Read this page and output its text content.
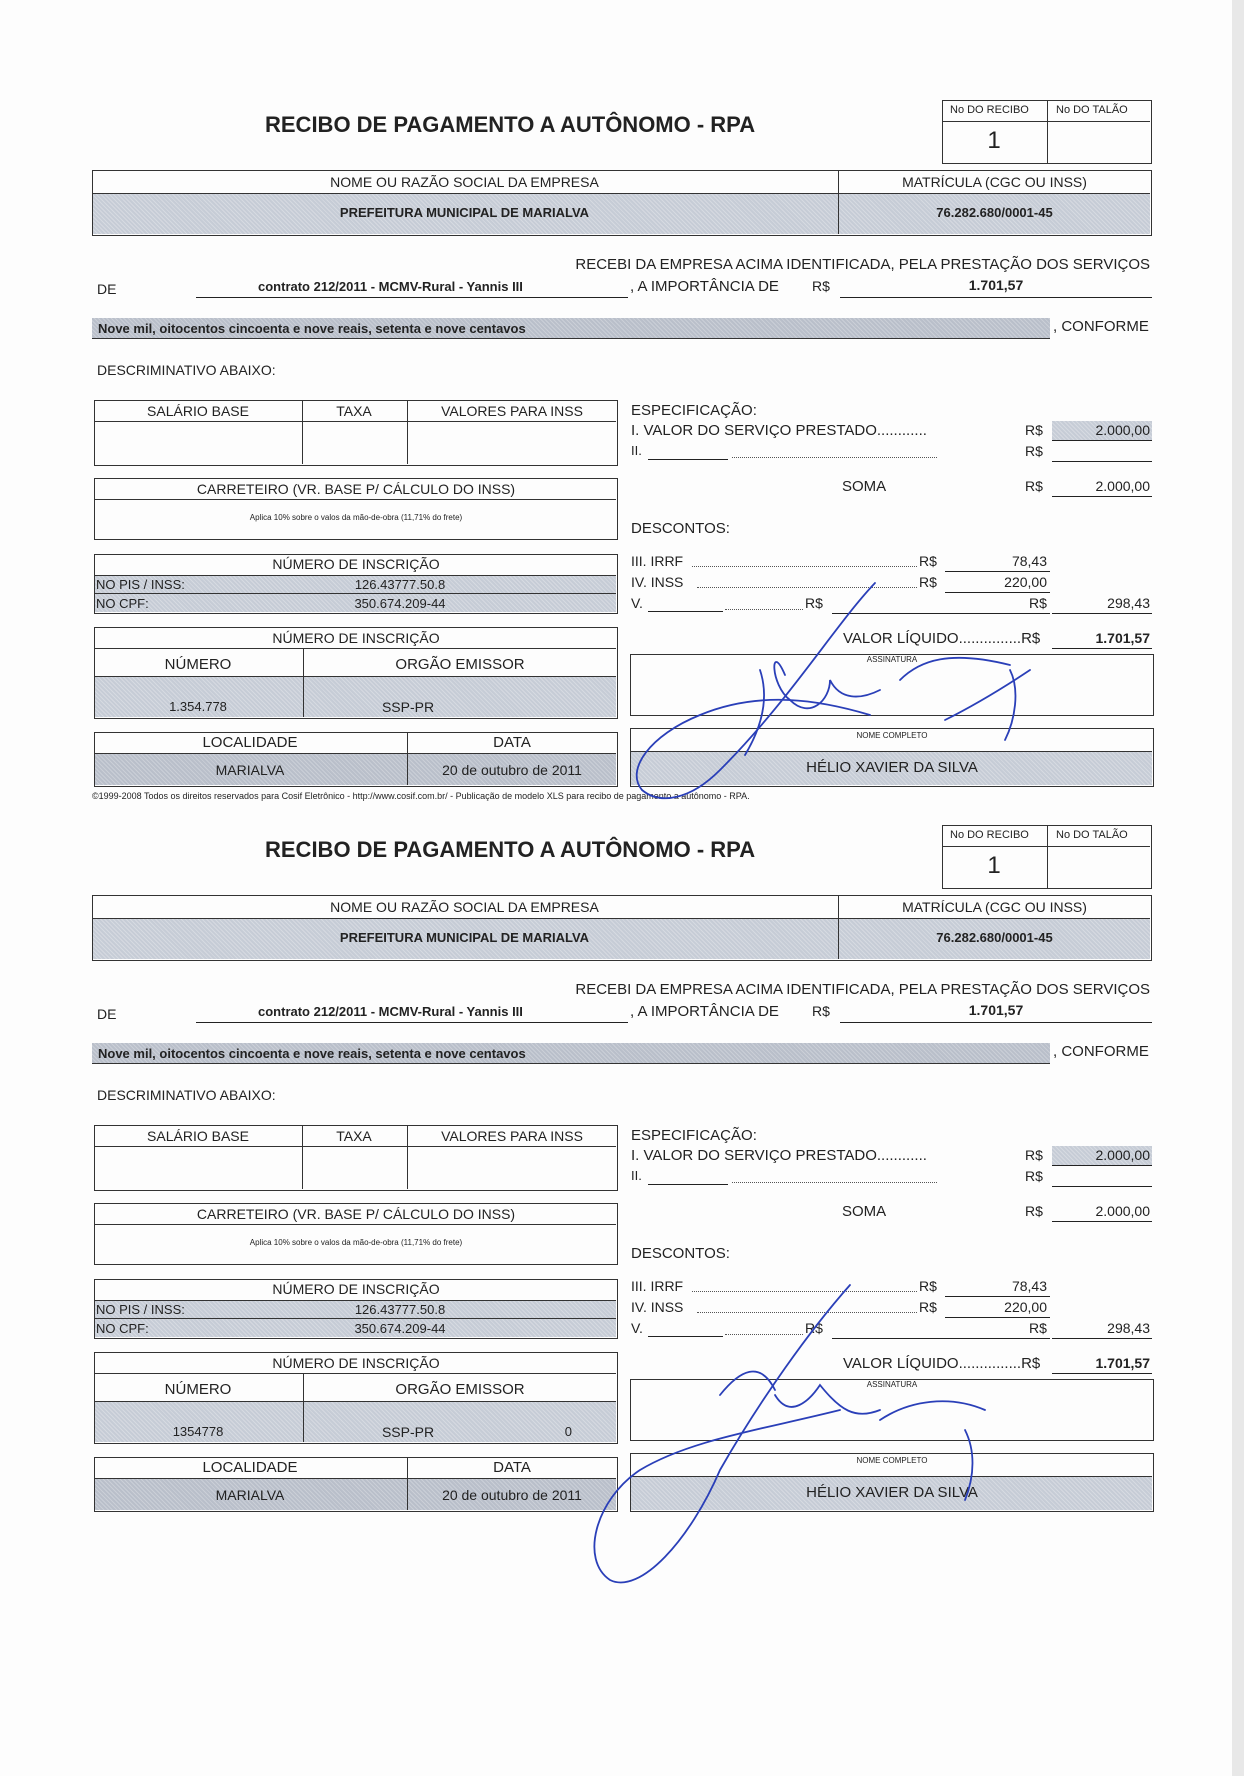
RECIBO DE PAGAMENTO A AUTÔNOMO - RPA
No DO RECIBO No DO TALÃO
1
NOME OU RAZÃO SOCIAL DA EMPRESA	MATRÍCULA (CGC OU INSS)
PREFEITURA MUNICIPAL DE MARIALVA	76.282.680/0001-45
RECEBI DA EMPRESA ACIMA IDENTIFICADA, PELA PRESTAÇÃO DOS SERVIÇOS
DE	contrato 212/2011 - MCMV-Rural - Yannis III	, A IMPORTÂNCIA DE R$	1.701,57
Nove mil, oitocentos cincoenta e nove reais, setenta e nove centavos	, CONFORME
DESCRIMINATIVO ABAIXO:
SALÁRIO BASE	TAXA	VALORES PARA INSS
CARRETEIRO (VR. BASE P/ CÁLCULO DO INSS)
Aplica 10% sobre o valos da mão-de-obra (11,71% do frete)
NÚMERO DE INSCRIÇÃO
NO PIS / INSS:	126.43777.50.8
NO CPF:	350.674.209-44
NÚMERO DE INSCRIÇÃO
NÚMERO	ORGÃO EMISSOR
1.354.778	SSP-PR
LOCALIDADE	DATA
MARIALVA	20 de outubro de 2011
ESPECIFICAÇÃO:
I. VALOR DO SERVIÇO PRESTADO............	R$	2.000,00
II.	R$
SOMA	R$	2.000,00
DESCONTOS:
III. IRRF	R$	78,43
IV. INSS	R$	220,00
V.	R$	R$	298,43
VALOR LÍQUIDO...............R$	1.701,57
ASSINATURA
NOME COMPLETO
HÉLIO XAVIER DA SILVA
©1999-2008 Todos os direitos reservados para Cosif Eletrônico - http://www.cosif.com.br/ - Publicação de modelo XLS para recibo de pagamento a autônomo - RPA.
RECIBO DE PAGAMENTO A AUTÔNOMO - RPA
No DO RECIBO No DO TALÃO
1
NOME OU RAZÃO SOCIAL DA EMPRESA	MATRÍCULA (CGC OU INSS)
PREFEITURA MUNICIPAL DE MARIALVA	76.282.680/0001-45
RECEBI DA EMPRESA ACIMA IDENTIFICADA, PELA PRESTAÇÃO DOS SERVIÇOS
DE	contrato 212/2011 - MCMV-Rural - Yannis III	, A IMPORTÂNCIA DE R$	1.701,57
Nove mil, oitocentos cincoenta e nove reais, setenta e nove centavos	, CONFORME
DESCRIMINATIVO ABAIXO:
SALÁRIO BASE	TAXA	VALORES PARA INSS
CARRETEIRO (VR. BASE P/ CÁLCULO DO INSS)
Aplica 10% sobre o valos da mão-de-obra (11,71% do frete)
NÚMERO DE INSCRIÇÃO
NO PIS / INSS:	126.43777.50.8
NO CPF:	350.674.209-44
NÚMERO DE INSCRIÇÃO
NÚMERO	ORGÃO EMISSOR
1354778	SSP-PR	0
LOCALIDADE	DATA
MARIALVA	20 de outubro de 2011
ESPECIFICAÇÃO:
I. VALOR DO SERVIÇO PRESTADO............	R$	2.000,00
II.	R$
SOMA	R$	2.000,00
DESCONTOS:
III. IRRF	R$	78,43
IV. INSS	R$	220,00
V.	R$	R$	298,43
VALOR LÍQUIDO...............R$	1.701,57
ASSINATURA
NOME COMPLETO
HÉLIO XAVIER DA SILVA
